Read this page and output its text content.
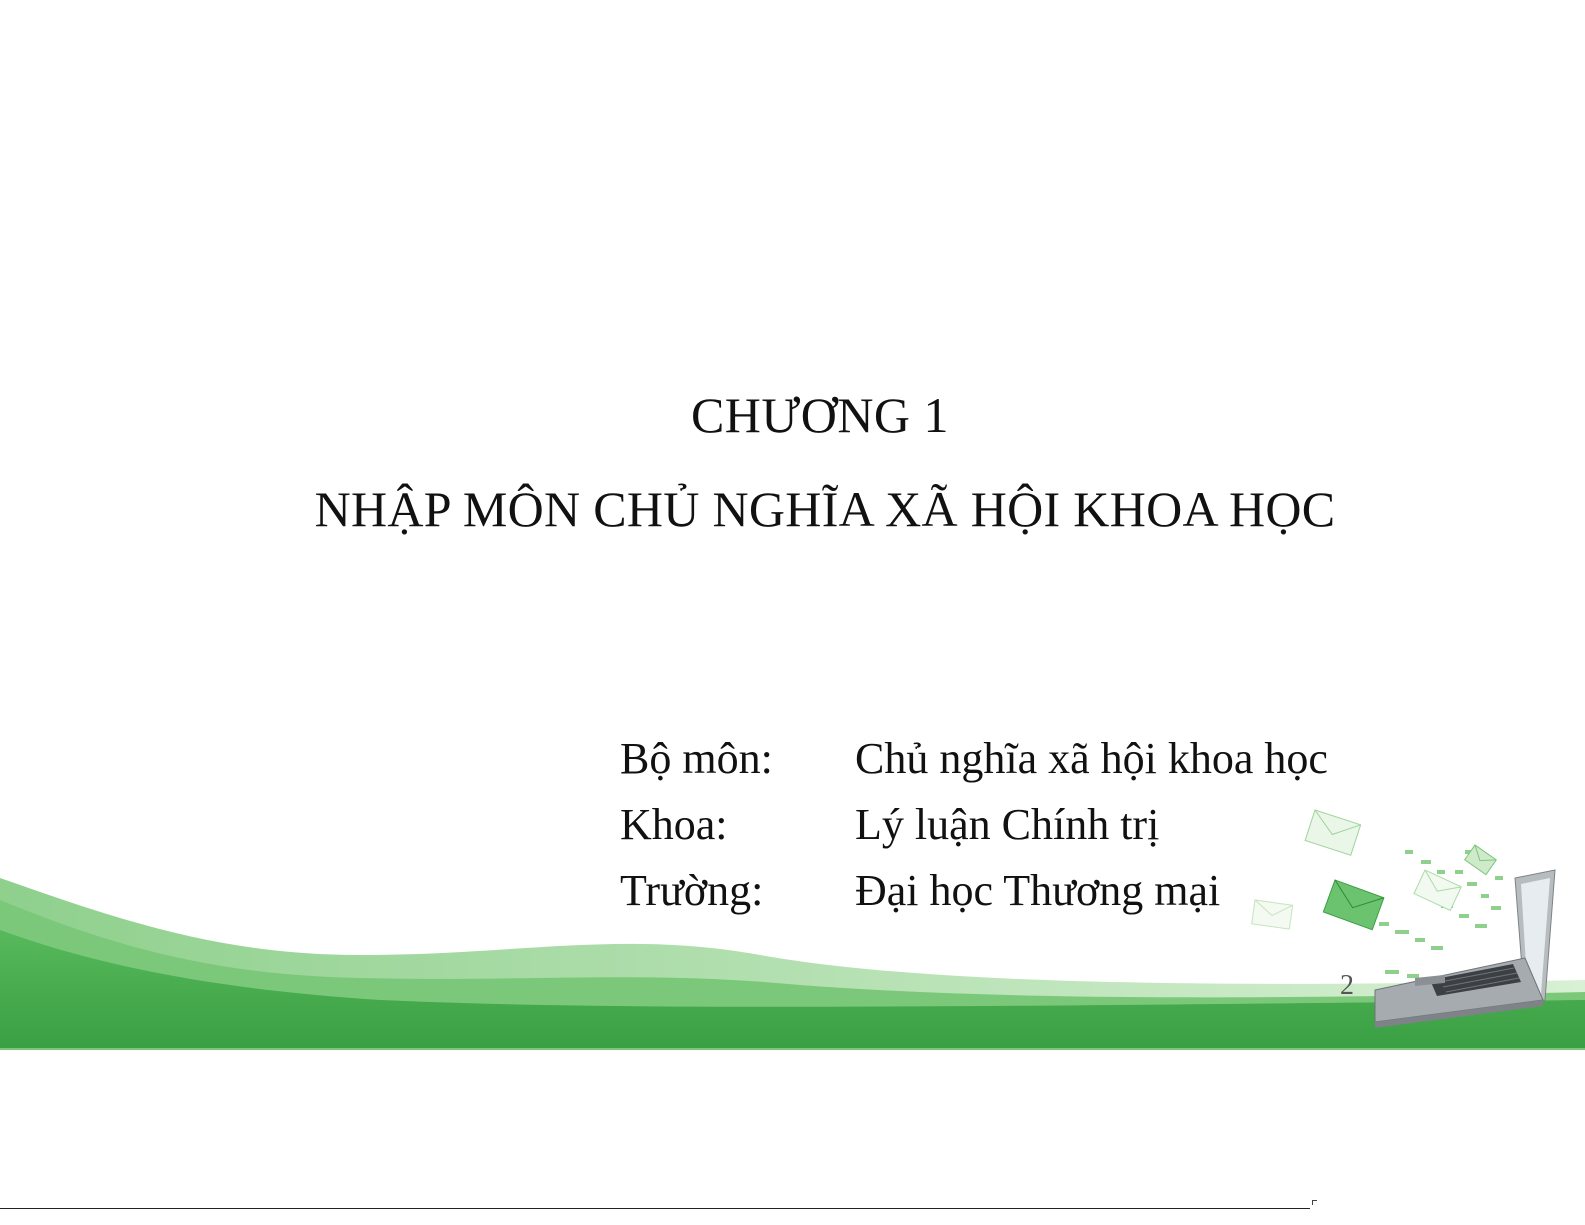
CHƯƠNG 1
NHẬP MÔN CHỦ NGHĨA XÃ HỘI KHOA HỌC
Bộ môn: Chủ nghĩa xã hội khoa học
Khoa:	Lý luận Chính trị
Trường: Đại học Thương mại
2
